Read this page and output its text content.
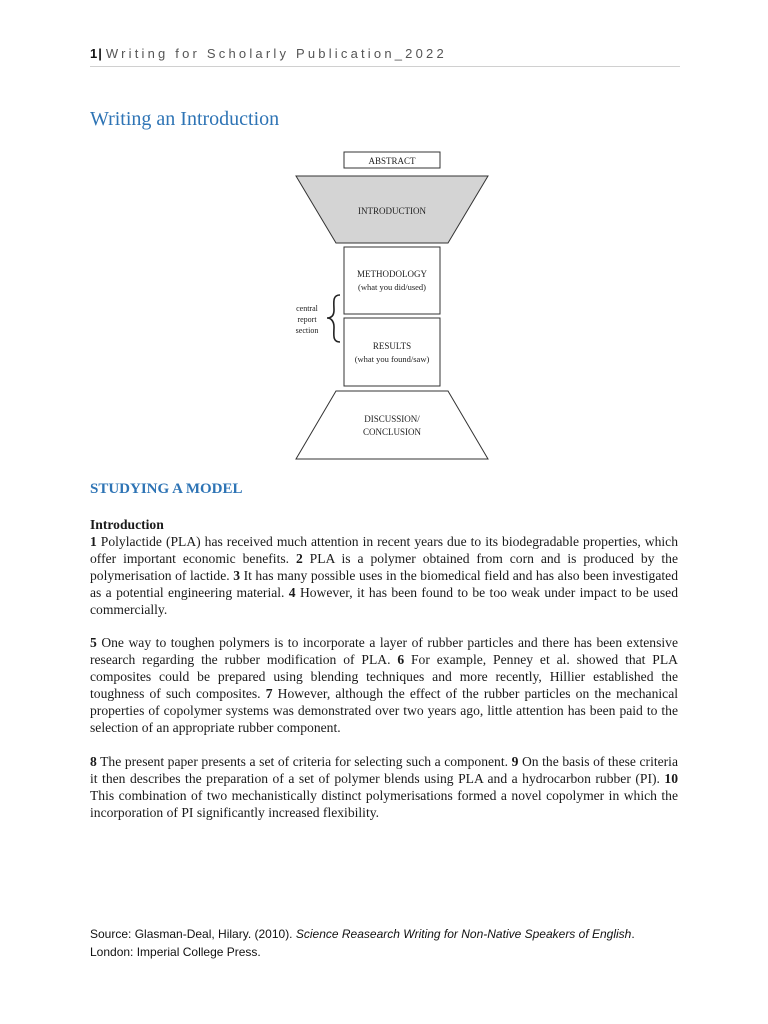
1| Writing for Scholarly Publication_2022
Writing an Introduction
ABSTRACT
INTRODUCTION
METHODOLOGY
(what you did/used)
RESULTS
(what you found/saw)
DISCUSSION/
CONCLUSION
central
report
section
STUDYING A MODEL
Introduction

1 Polylactide (PLA) has received much attention in recent years due to its biodegradable properties, which offer important economic benefits. 2 PLA is a polymer obtained from corn and is produced by the polymerisation of lactide. 3 It has many possible uses in the biomedical field and has also been investigated as a potential engineering material. 4 However, it has been found to be too weak under impact to be used commercially.

5 One way to toughen polymers is to incorporate a layer of rubber particles and there has been extensive research regarding the rubber modification of PLA. 6 For example, Penney et al. showed that PLA composites could be prepared using blending techniques and more recently, Hillier established the toughness of such composites. 7 However, although the effect of the rubber particles on the mechanical properties of copolymer systems was demonstrated over two years ago, little attention has been paid to the selection of an appropriate rubber component.

8 The present paper presents a set of criteria for selecting such a component. 9 On the basis of these criteria it then describes the preparation of a set of polymer blends using PLA and a hydrocarbon rubber (PI). 10 This combination of two mechanistically distinct polymerisations formed a novel copolymer in which the incorporation of PI significantly increased flexibility.

Source: Glasman-Deal, Hilary. (2010). Science Reasearch Writing for Non-Native Speakers of English.
London: Imperial College Press.
